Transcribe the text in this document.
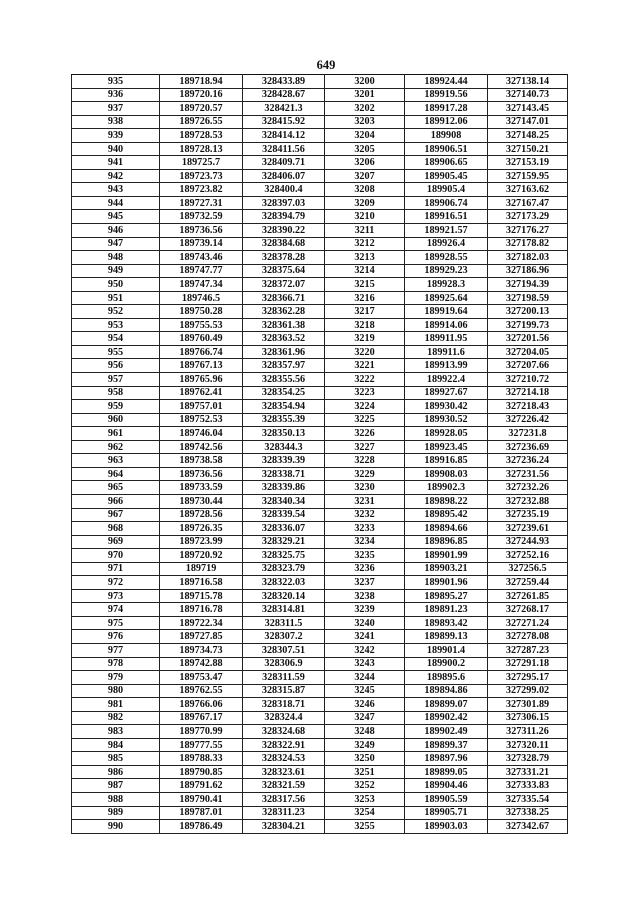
649
935	189718.94	328433.89	3200	189924.44	327138.14
936	189720.16	328428.67	3201	189919.56	327140.73
937	189720.57	328421.3	3202	189917.28	327143.45
938	189726.55	328415.92	3203	189912.06	327147.01
939	189728.53	328414.12	3204	189908	327148.25
940	189728.13	328411.56	3205	189906.51	327150.21
941	189725.7	328409.71	3206	189906.65	327153.19
942	189723.73	328406.07	3207	189905.45	327159.95
943	189723.82	328400.4	3208	189905.4	327163.62
944	189727.31	328397.03	3209	189906.74	327167.47
945	189732.59	328394.79	3210	189916.51	327173.29
946	189736.56	328390.22	3211	189921.57	327176.27
947	189739.14	328384.68	3212	189926.4	327178.82
948	189743.46	328378.28	3213	189928.55	327182.03
949	189747.77	328375.64	3214	189929.23	327186.96
950	189747.34	328372.07	3215	189928.3	327194.39
951	189746.5	328366.71	3216	189925.64	327198.59
952	189750.28	328362.28	3217	189919.64	327200.13
953	189755.53	328361.38	3218	189914.06	327199.73
954	189760.49	328363.52	3219	189911.95	327201.56
955	189766.74	328361.96	3220	189911.6	327204.05
956	189767.13	328357.97	3221	189913.99	327207.66
957	189765.96	328355.56	3222	189922.4	327210.72
958	189762.41	328354.25	3223	189927.67	327214.18
959	189757.01	328354.94	3224	189930.42	327218.43
960	189752.53	328355.39	3225	189930.52	327226.42
961	189746.04	328350.13	3226	189928.05	327231.8
962	189742.56	328344.3	3227	189923.45	327236.69
963	189738.58	328339.39	3228	189916.85	327236.24
964	189736.56	328338.71	3229	189908.03	327231.56
965	189733.59	328339.86	3230	189902.3	327232.26
966	189730.44	328340.34	3231	189898.22	327232.88
967	189728.56	328339.54	3232	189895.42	327235.19
968	189726.35	328336.07	3233	189894.66	327239.61
969	189723.99	328329.21	3234	189896.85	327244.93
970	189720.92	328325.75	3235	189901.99	327252.16
971	189719	328323.79	3236	189903.21	327256.5
972	189716.58	328322.03	3237	189901.96	327259.44
973	189715.78	328320.14	3238	189895.27	327261.85
974	189716.78	328314.81	3239	189891.23	327268.17
975	189722.34	328311.5	3240	189893.42	327271.24
976	189727.85	328307.2	3241	189899.13	327278.08
977	189734.73	328307.51	3242	189901.4	327287.23
978	189742.88	328306.9	3243	189900.2	327291.18
979	189753.47	328311.59	3244	189895.6	327295.17
980	189762.55	328315.87	3245	189894.86	327299.02
981	189766.06	328318.71	3246	189899.07	327301.89
982	189767.17	328324.4	3247	189902.42	327306.15
983	189770.99	328324.68	3248	189902.49	327311.26
984	189777.55	328322.91	3249	189899.37	327320.11
985	189788.33	328324.53	3250	189897.96	327328.79
986	189790.85	328323.61	3251	189899.05	327331.21
987	189791.62	328321.59	3252	189904.46	327333.83
988	189790.41	328317.56	3253	189905.59	327335.54
989	189787.01	328311.23	3254	189905.71	327338.25
990	189786.49	328304.21	3255	189903.03	327342.67
